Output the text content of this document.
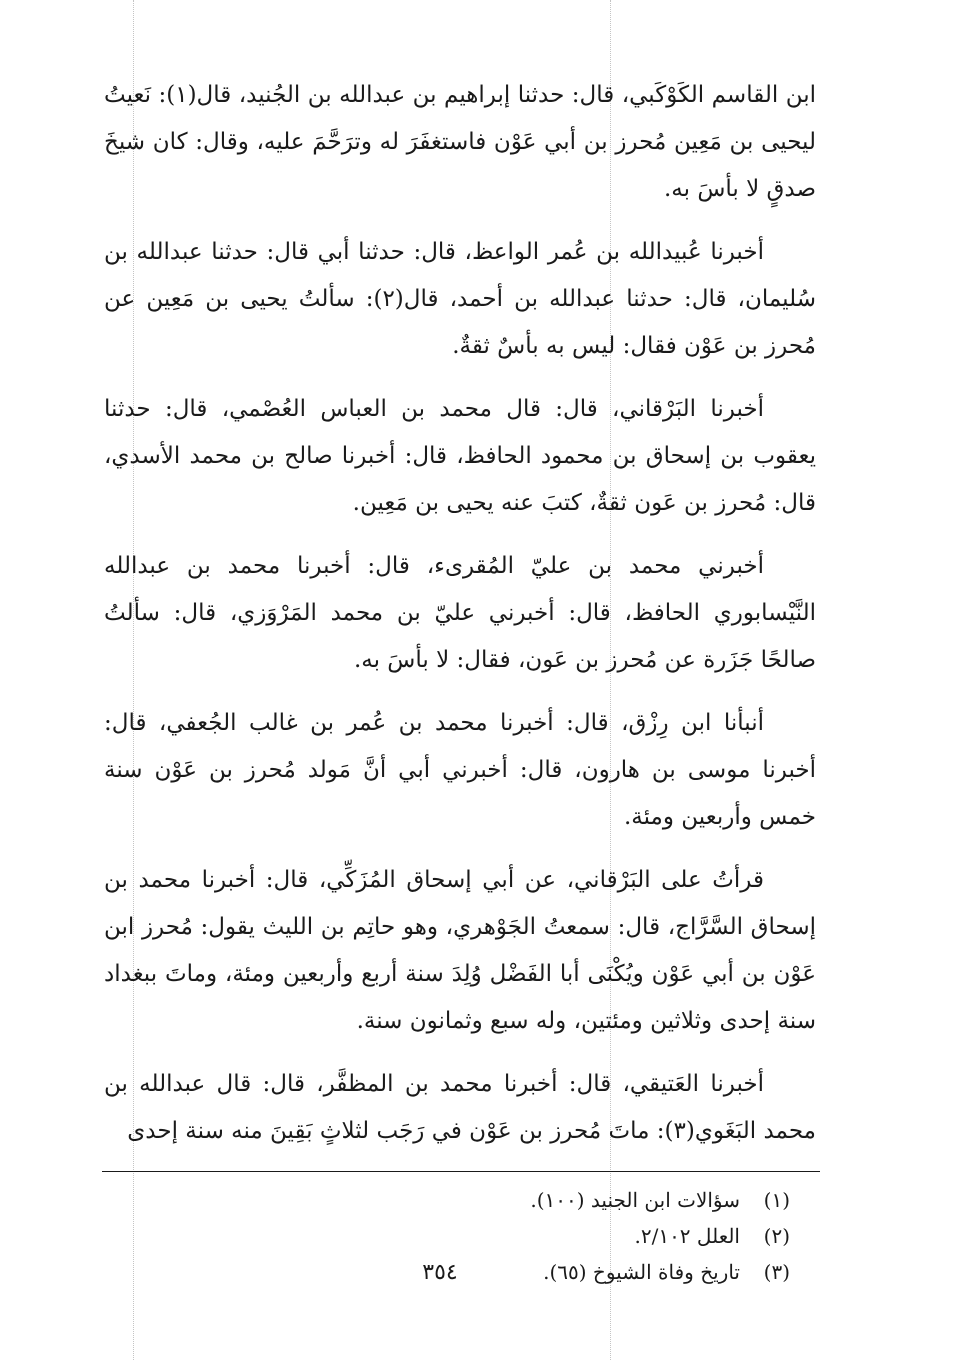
ابن القاسم الكَوْكَبي، قال: حدثنا إبراهيم بن عبدالله بن الجُنيد، قال(١): نَعيتُ ليحيى بن مَعِين مُحرز بن أبي عَوْن فاستغفَرَ له وترَحَّمَ عليه، وقال: كان شيخَ صدقٍ لا بأسَ به.

أخبرنا عُبيدالله بن عُمر الواعظ، قال: حدثنا أبي قال: حدثنا عبدالله بن سُليمان، قال: حدثنا عبدالله بن أحمد، قال(٢): سألتُ يحيى بن مَعِين عن مُحرز بن عَوْن فقال: ليس به بأسٌ ثقةٌ.

أخبرنا البَرْقاني، قال: قال محمد بن العباس العُصْمي، قال: حدثنا يعقوب بن إسحاق بن محمود الحافظ، قال: أخبرنا صالح بن محمد الأسدي، قال: مُحرز بن عَون ثقةٌ، كتبَ عنه يحيى بن مَعِين.

أخبرني محمد بن عليّ المُقرىء، قال: أخبرنا محمد بن عبدالله النَّيْسابوري الحافظ، قال: أخبرني عليّ بن محمد المَرْوَزي، قال: سألتُ صالحًا جَزَرة عن مُحرز بن عَون، فقال: لا بأسَ به.

أنبأنا ابن رِزْق، قال: أخبرنا محمد بن عُمر بن غالب الجُعفي، قال: أخبرنا موسى بن هارون، قال: أخبرني أبي أنَّ مَولد مُحرز بن عَوْن سنة خمس وأربعين ومئة.

قرأتُ على البَرْقاني، عن أبي إسحاق المُزَكِّي، قال: أخبرنا محمد بن إسحاق السَّرَّاج، قال: سمعتُ الجَوْهري، وهو حاتِم بن الليث يقول: مُحرز ابن عَوْن بن أبي عَوْن ويُكْنَى أبا الفَضْل وُلِدَ سنة أربع وأربعين ومئة، وماتَ ببغداد سنة إحدى وثلاثين ومئتين، وله سبع وثمانون سنة.

أخبرنا العَتيقي، قال: أخبرنا محمد بن المظفَّر، قال: قال عبدالله بن محمد البَغَوي(٣): ماتَ مُحرز بن عَوْن في رَجَب لثلاثٍ بَقِينَ منه سنة إحدى

(١)
سؤالات ابن الجنيد (١٠٠).
(٢)
العلل ٢/١٠٢.
(٣)
تاريخ وفاة الشيوخ (٦٥).
٣٥٤
